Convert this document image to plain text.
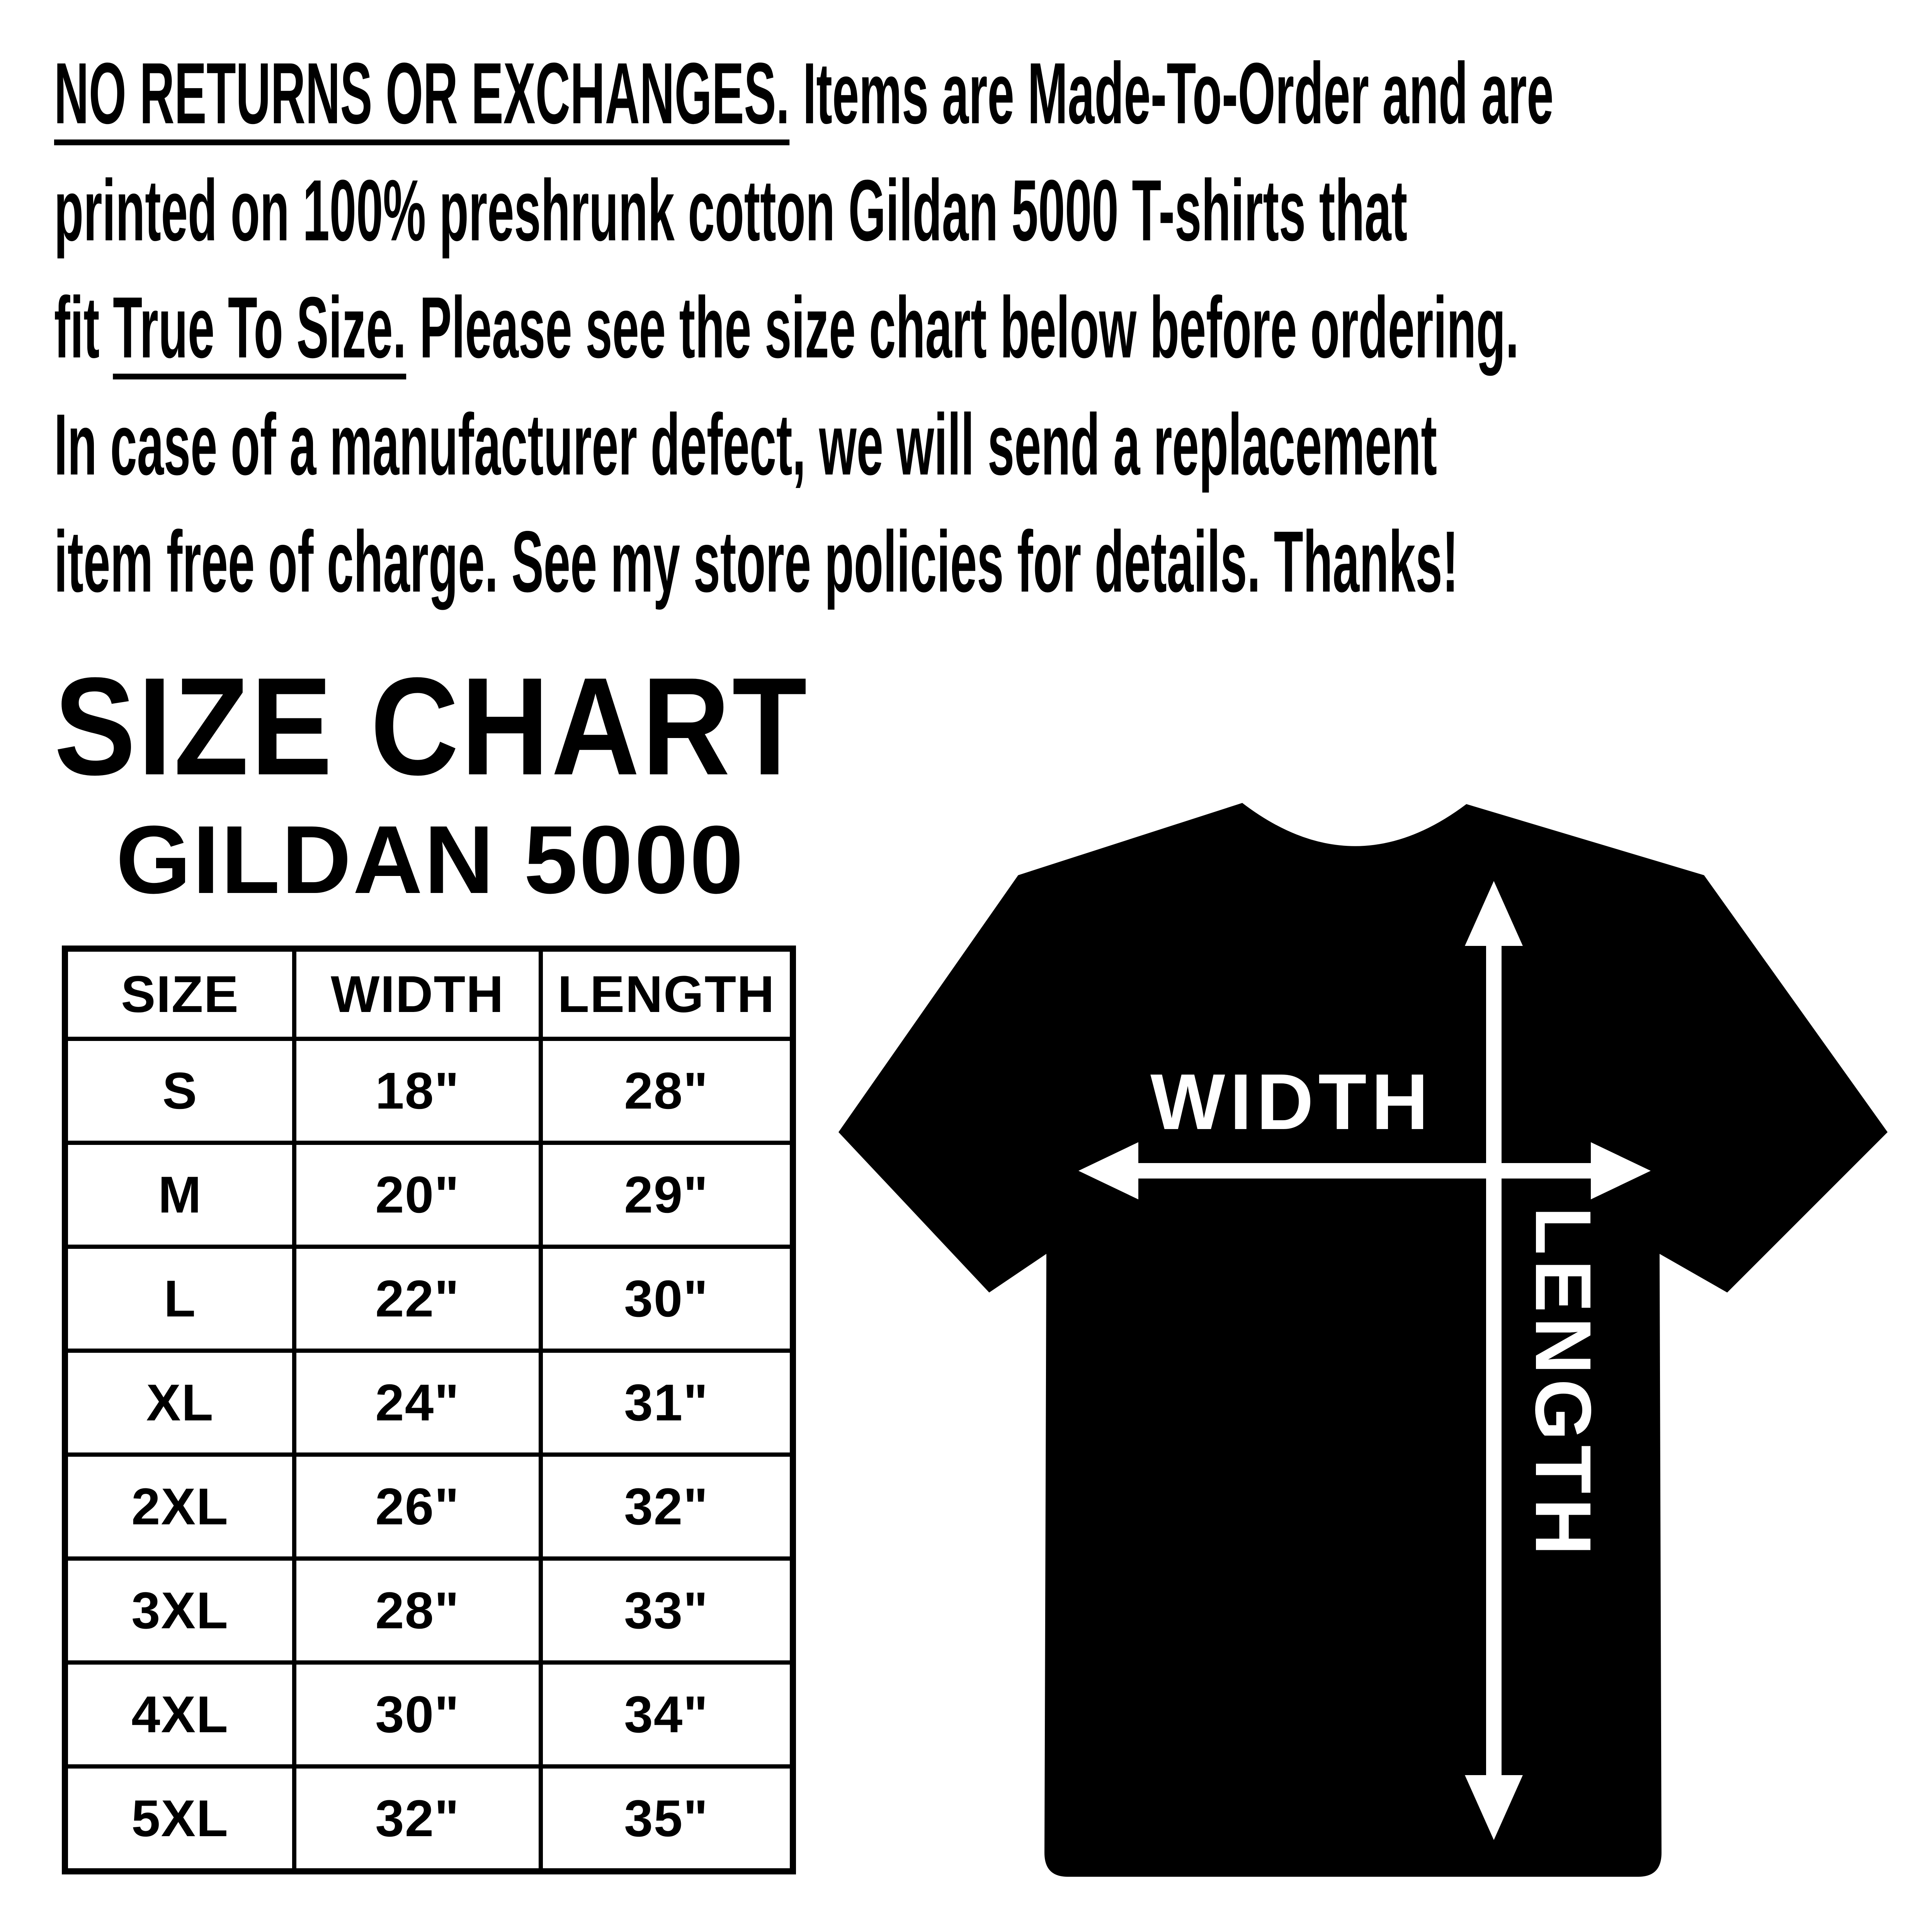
NO RETURNS OR EXCHANGES. Items are Made-To-Order and are
printed on 100% preshrunk cotton Gildan 5000 T-shirts that
fit True To Size. Please see the size chart below before ordering.
In case of a manufacturer defect, we will send a replacement
item free of charge. See my store policies for details. Thanks!
SIZE CHART
GILDAN 5000
SIZE	WIDTH	LENGTH
S	18"	28"
M	20"	29"
L	22"	30"
XL	24"	31"
2XL	26"	32"
3XL	28"	33"
4XL	30"	34"
5XL	32"	35"
WIDTH
LENGTH
